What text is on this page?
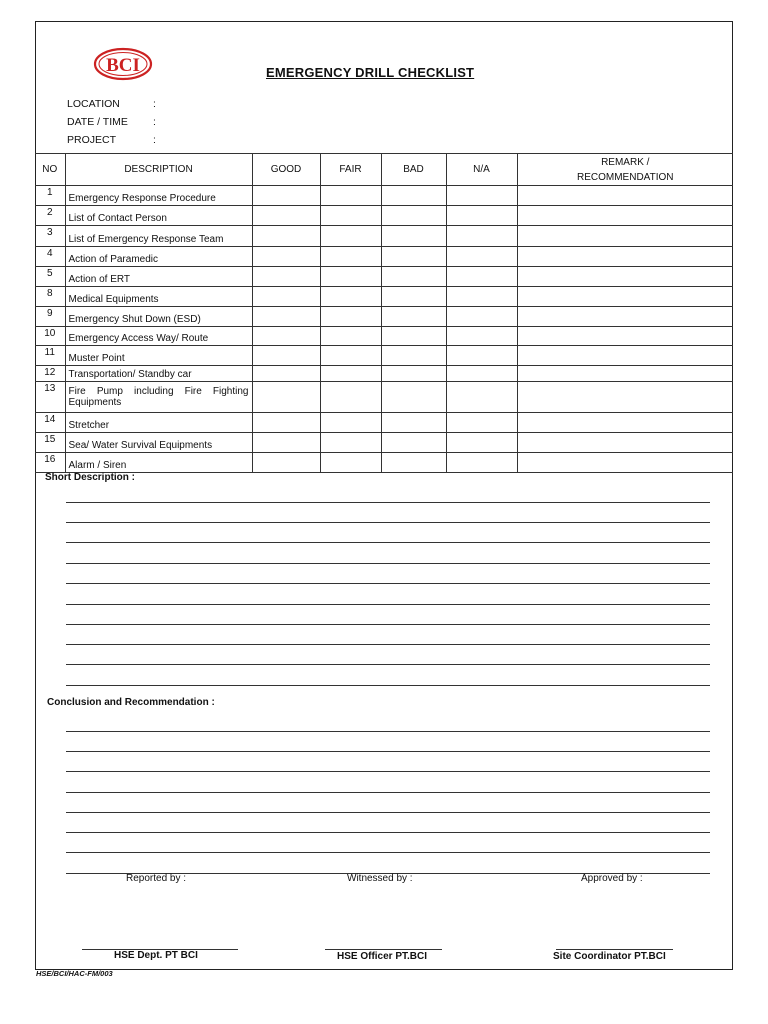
BCI	EMERGENCY DRILL CHECKLIST
LOCATION	:
DATE / TIME :
PROJECT	:
NO	DESCRIPTION	GOOD	FAIR	BAD	N/A	REMARK /
RECOMMENDATION
1	Emergency Response Procedure					
2	List of Contact Person					
3	List of Emergency Response Team					
4	Action of Paramedic					
5	Action of ERT					
8	Medical Equipments					
9	Emergency Shut Down (ESD)					
10	Emergency Access Way/ Route					
11	Muster Point					
12	Transportation/ Standby car					
13	Fire Pump including Fire Fighting Equipments					
14	Stretcher					
15	Sea/ Water Survival Equipments					
16	Alarm / Siren					
Short Description :
Conclusion and Recommendation :
Reported by :	Witnessed by :	Approved by :
HSE Dept. PT BCI	HSE Officer PT.BCI	Site Coordinator PT.BCI
HSE/BCI/HAC-FM/003
